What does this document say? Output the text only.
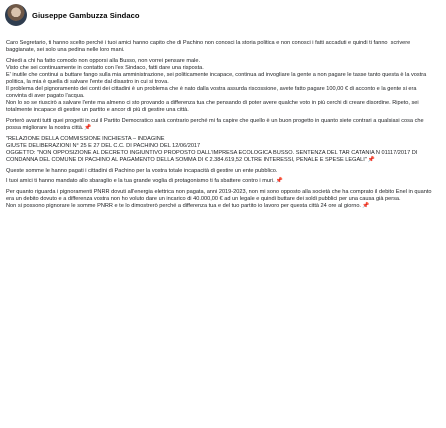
Giuseppe Gambuzza Sindaco

Caro Segretario, ti hanno scelto perché i tuoi amici hanno capito che di Pachino non conosci la storia politica e non conosci i fatti accaduti e quindi ti fanno  scrivere baggianate, sei solo una pedina nelle loro mani.

Chiedi a chi ha fatto comodo non opporsi alla Busso, non vorrei pensare male.

Visto che sei continuamente in contatto con l'ex Sindaco, fatti dare una risposta.

E' inutile che continui a buttare fango sulla mia amministrazione, sei politicamente incapace, continua ad invogliare la gente a non pagare le tasse tanto questa è la vostra politica, la mia è quella di salvare l'ente dal disastro in cui si trova.

Il problema del pignoramento dei conti dei cittadini è un problema che è nato dalla vostra assurda riscossione, avete fatto pagare 100,00 € di acconto e la gente si era convinta di aver pagato l'acqua.

Non lo so se riuscirò a salvare l'ente ma almeno ci sto provando a differenza tua che pensando di poter avere qualche voto in più cerchi di creare disordine. Ripeto, sei totalmente incapace di gestire un partito e ancor di più di gestire una città.

Porterò avanti tutti quei progetti in cui il Partito Democratico sarà contrario perché mi fa capire che quello è un buon progetto in quanto siete contrari a qualsiasi cosa che possa migliorare la nostra città.📌

"RELAZIONE DELLA COMMISSIONE INCHIESTA – INDAGINE
GIUSTE DELIBERAZIONI N° 25 E 27 DEL C.C. DI PACHINO DEL 12/06/2017
OGGETTO: "NON OPPOSIZIONE AL DECRETO INGIUNTIVO PROPOSTO DALL'IMPRESA ECOLOGICA BUSSO. SENTENZA DEL TAR CATANIA N 01117/2017 DI CONDANNA DEL COMUNE DI PACHINO AL PAGAMENTO DELLA SOMMA DI € 2.384.619,52 OLTRE INTERESSI, PENALE E SPESE LEGALI"📌

Queste somme le hanno pagati i cittadini di Pachino per la vostra totale incapacità di gestire un ente pubblico.

I tuoi amici ti hanno mandato allo sbaraglio e la tua grande voglia di protagonismo ti fa sbattere contro i muri.📌

Per quanto riguarda i pignoramenti PNRR dovuti all'energia elettrica non pagata, anni 2019-2023, non mi sono opposto alla società che ha comprato il debito Enel in quanto era un debito dovuto e a differenza vostra non ho voluto dare un incarico di 40.000,00 € ad un legale e quindi buttare dei soldi pubblici per una causa già persa.

Non si possono pignorare le somme PNRR e te lo dimostrerò perché a differenza tua e del tuo partito io lavoro per questa città 24 ore al giorno.📌
